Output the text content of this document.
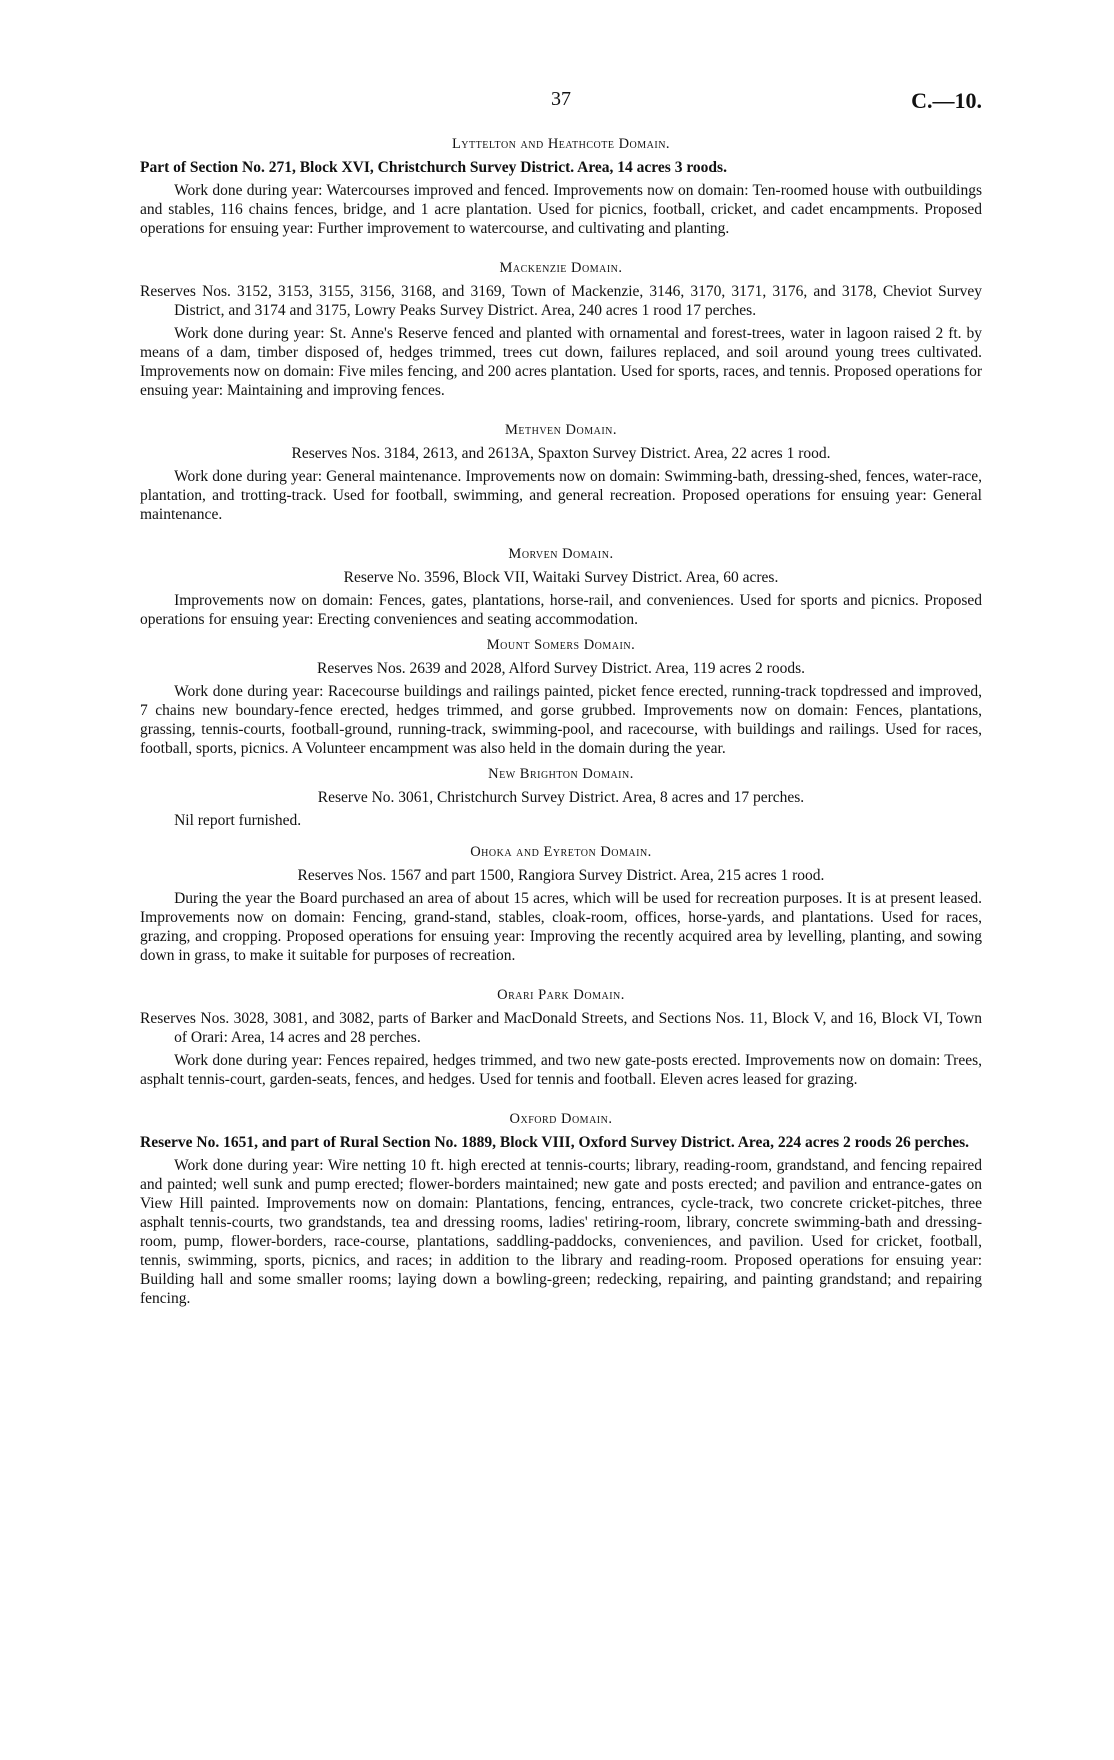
37	C.—10.
Lyttelton and Heathcote Domain.

Part of Section No. 271, Block XVI, Christchurch Survey District. Area, 14 acres 3 roods.

Work done during year: Watercourses improved and fenced. Improvements now on domain: Ten-roomed house with outbuildings and stables, 116 chains fences, bridge, and 1 acre plantation. Used for picnics, football, cricket, and cadet encampments. Proposed operations for ensuing year: Further improvement to watercourse, and cultivating and planting.

Mackenzie Domain.

Reserves Nos. 3152, 3153, 3155, 3156, 3168, and 3169, Town of Mackenzie, 3146, 3170, 3171, 3176, and 3178, Cheviot Survey District, and 3174 and 3175, Lowry Peaks Survey District. Area, 240 acres 1 rood 17 perches.

Work done during year: St. Anne's Reserve fenced and planted with ornamental and forest-trees, water in lagoon raised 2 ft. by means of a dam, timber disposed of, hedges trimmed, trees cut down, failures replaced, and soil around young trees cultivated. Improvements now on domain: Five miles fencing, and 200 acres plantation. Used for sports, races, and tennis. Proposed operations for ensuing year: Maintaining and improving fences.

Methven Domain.

Reserves Nos. 3184, 2613, and 2613A, Spaxton Survey District. Area, 22 acres 1 rood.

Work done during year: General maintenance. Improvements now on domain: Swimming-bath, dressing-shed, fences, water-race, plantation, and trotting-track. Used for football, swimming, and general recreation. Proposed operations for ensuing year: General maintenance.

Morven Domain.

Reserve No. 3596, Block VII, Waitaki Survey District. Area, 60 acres.

Improvements now on domain: Fences, gates, plantations, horse-rail, and conveniences. Used for sports and picnics. Proposed operations for ensuing year: Erecting conveniences and seating accommodation.

Mount Somers Domain.

Reserves Nos. 2639 and 2028, Alford Survey District. Area, 119 acres 2 roods.

Work done during year: Racecourse buildings and railings painted, picket fence erected, running-track topdressed and improved, 7 chains new boundary-fence erected, hedges trimmed, and gorse grubbed. Improvements now on domain: Fences, plantations, grassing, tennis-courts, football-ground, running-track, swimming-pool, and racecourse, with buildings and railings. Used for races, football, sports, picnics. A Volunteer encampment was also held in the domain during the year.

New Brighton Domain.

Reserve No. 3061, Christchurch Survey District. Area, 8 acres and 17 perches.

Nil report furnished.

Ohoka and Eyreton Domain.

Reserves Nos. 1567 and part 1500, Rangiora Survey District. Area, 215 acres 1 rood.

During the year the Board purchased an area of about 15 acres, which will be used for recreation purposes. It is at present leased. Improvements now on domain: Fencing, grand-stand, stables, cloak-room, offices, horse-yards, and plantations. Used for races, grazing, and cropping. Proposed operations for ensuing year: Improving the recently acquired area by levelling, planting, and sowing down in grass, to make it suitable for purposes of recreation.

Orari Park Domain.

Reserves Nos. 3028, 3081, and 3082, parts of Barker and MacDonald Streets, and Sections Nos. 11, Block V, and 16, Block VI, Town of Orari: Area, 14 acres and 28 perches.

Work done during year: Fences repaired, hedges trimmed, and two new gate-posts erected. Improvements now on domain: Trees, asphalt tennis-court, garden-seats, fences, and hedges. Used for tennis and football. Eleven acres leased for grazing.

Oxford Domain.

Reserve No. 1651, and part of Rural Section No. 1889, Block VIII, Oxford Survey District. Area, 224 acres 2 roods 26 perches.

Work done during year: Wire netting 10 ft. high erected at tennis-courts; library, reading-room, grandstand, and fencing repaired and painted; well sunk and pump erected; flower-borders maintained; new gate and posts erected; and pavilion and entrance-gates on View Hill painted. Improvements now on domain: Plantations, fencing, entrances, cycle-track, two concrete cricket-pitches, three asphalt tennis-courts, two grandstands, tea and dressing rooms, ladies' retiring-room, library, concrete swimming-bath and dressing-room, pump, flower-borders, race-course, plantations, saddling-paddocks, conveniences, and pavilion. Used for cricket, football, tennis, swimming, sports, picnics, and races; in addition to the library and reading-room. Proposed operations for ensuing year: Building hall and some smaller rooms; laying down a bowling-green; redecking, repairing, and painting grandstand; and repairing fencing.
